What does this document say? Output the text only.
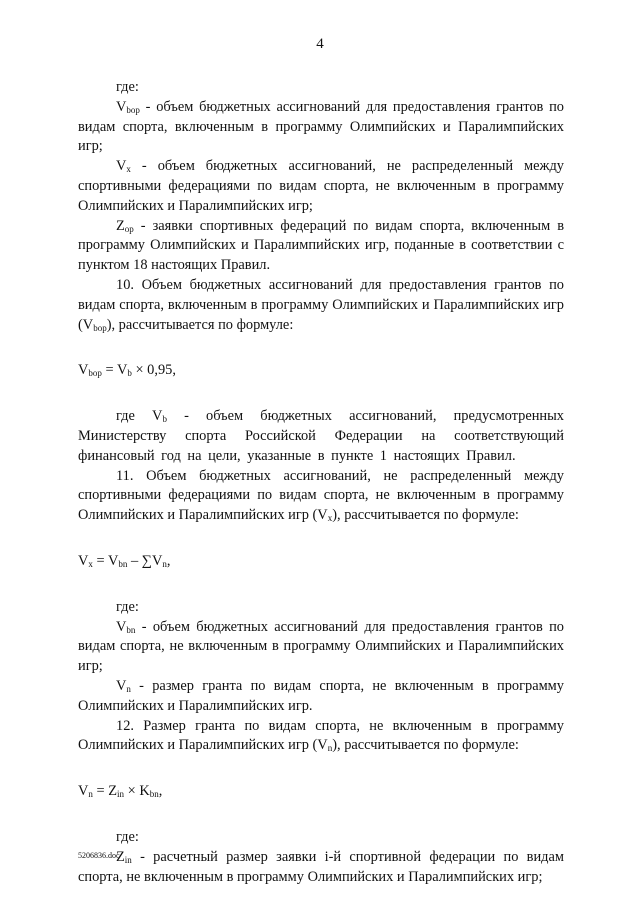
4

где:

$V_{bop}$ - объем бюджетных ассигнований для предоставления грантов по видам спорта, включенным в программу Олимпийских и Паралимпийских игр;

$V_x$ - объем бюджетных ассигнований, не распределенный между спортивными федерациями по видам спорта, не включенным в программу Олимпийских и Паралимпийских игр;

$Z_{op}$ - заявки спортивных федераций по видам спорта, включенным в программу Олимпийских и Паралимпийских игр, поданные в соответствии с пунктом 18 настоящих Правил.

10. Объем бюджетных ассигнований для предоставления грантов по видам спорта, включенным в программу Олимпийских и Паралимпийских игр $(V_{bop})$, рассчитывается по формуле:

$V_{bop} = V_b \times 0,95$,

где $V_b$ - объем бюджетных ассигнований, предусмотренных Министерству спорта Российской Федерации на соответствующий финансовый год на цели, указанные в пункте 1 настоящих Правил.

11. Объем бюджетных ассигнований, не распределенный между спортивными федерациями по видам спорта, не включенным в программу Олимпийских и Паралимпийских игр $(V_x)$, рассчитывается по формуле:

$V_x = V_{bn} - \sum V_n$,

где:

$V_{bn}$ - объем бюджетных ассигнований для предоставления грантов по видам спорта, не включенным в программу Олимпийских и Паралимпийских игр;

$V_n$ - размер гранта по видам спорта, не включенным в программу Олимпийских и Паралимпийских игр.

12. Размер гранта по видам спорта, не включенным в программу Олимпийских и Паралимпийских игр $(V_n)$, рассчитывается по формуле:

$V_n = Z_{in} \times K_{bn}$,

где:

$Z_{in}$ - расчетный размер заявки i-й спортивной федерации по видам спорта, не включенным в программу Олимпийских и Паралимпийских игр;

5206836.doc
